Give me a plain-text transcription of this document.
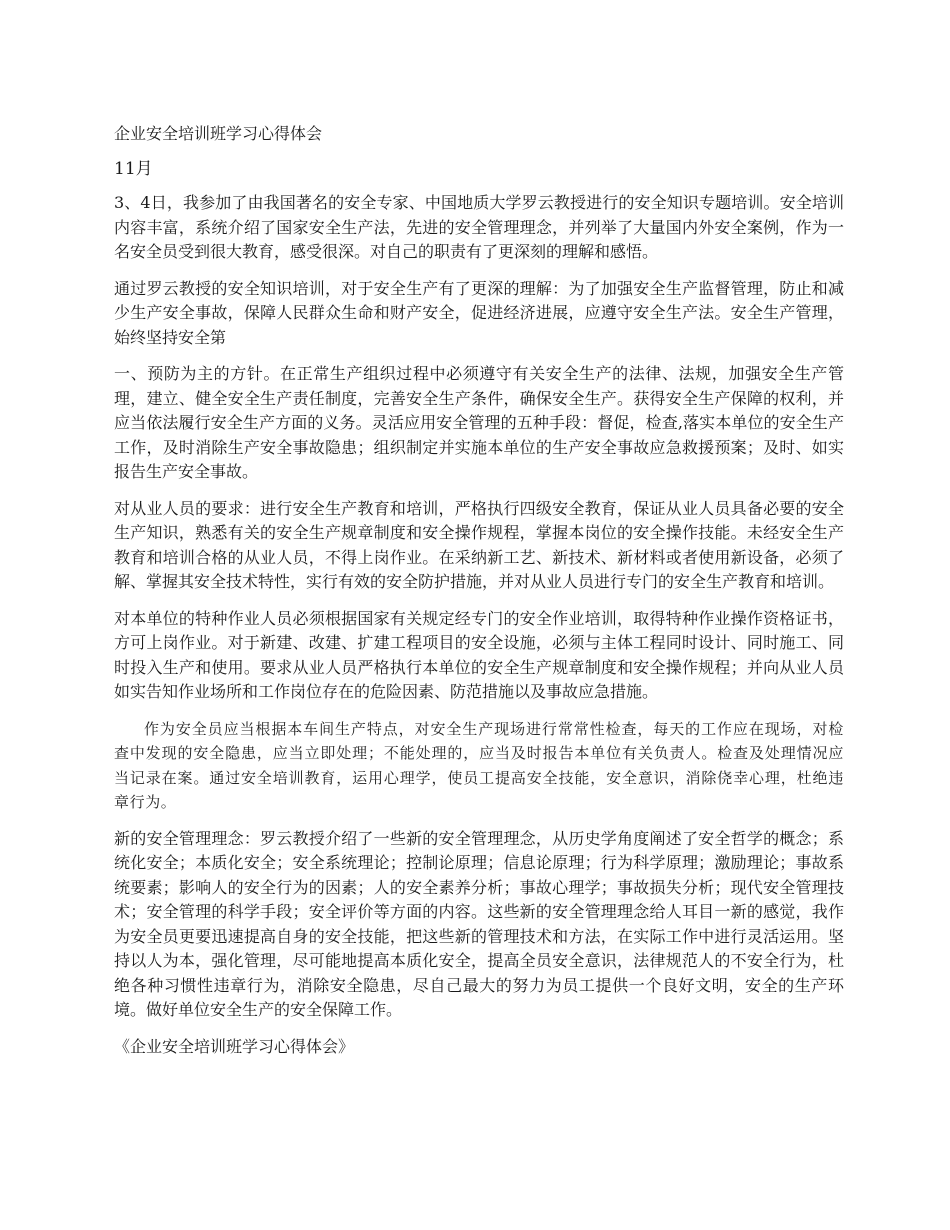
企业安全培训班学习心得体会

11月

3、4日，我参加了由我国著名的安全专家、中国地质大学罗云教授进行的安全知识专题培训。安全培训内容丰富，系统介绍了国家安全生产法，先进的安全管理理念，并列举了大量国内外安全案例，作为一名安全员受到很大教育，感受很深。对自己的职责有了更深刻的理解和感悟。

通过罗云教授的安全知识培训，对于安全生产有了更深的理解：为了加强安全生产监督管理，防止和减少生产安全事故，保障人民群众生命和财产安全，促进经济进展，应遵守安全生产法。安全生产管理，始终坚持安全第

一、预防为主的方针。在正常生产组织过程中必须遵守有关安全生产的法律、法规，加强安全生产管理，建立、健全安全生产责任制度，完善安全生产条件，确保安全生产。获得安全生产保障的权利，并应当依法履行安全生产方面的义务。灵活应用安全管理的五种手段：督促，检查,落实本单位的安全生产工作，及时消除生产安全事故隐患；组织制定并实施本单位的生产安全事故应急救援预案；及时、如实报告生产安全事故。

对从业人员的要求：进行安全生产教育和培训，严格执行四级安全教育，保证从业人员具备必要的安全生产知识，熟悉有关的安全生产规章制度和安全操作规程，掌握本岗位的安全操作技能。未经安全生产教育和培训合格的从业人员，不得上岗作业。在采纳新工艺、新技术、新材料或者使用新设备，必须了解、掌握其安全技术特性，实行有效的安全防护措施，并对从业人员进行专门的安全生产教育和培训。

对本单位的特种作业人员必须根据国家有关规定经专门的安全作业培训，取得特种作业操作资格证书，方可上岗作业。对于新建、改建、扩建工程项目的安全设施，必须与主体工程同时设计、同时施工、同时投入生产和使用。要求从业人员严格执行本单位的安全生产规章制度和安全操作规程；并向从业人员如实告知作业场所和工作岗位存在的危险因素、防范措施以及事故应急措施。

作为安全员应当根据本车间生产特点，对安全生产现场进行常常性检查，每天的工作应在现场，对检查中发现的安全隐患，应当立即处理；不能处理的，应当及时报告本单位有关负责人。检查及处理情况应当记录在案。通过安全培训教育，运用心理学，使员工提高安全技能，安全意识，消除侥幸心理，杜绝违章行为。

新的安全管理理念：罗云教授介绍了一些新的安全管理理念，从历史学角度阐述了安全哲学的概念；系统化安全；本质化安全；安全系统理论；控制论原理；信息论原理；行为科学原理；激励理论；事故系统要素；影响人的安全行为的因素；人的安全素养分析；事故心理学；事故损失分析；现代安全管理技术；安全管理的科学手段；安全评价等方面的内容。这些新的安全管理理念给人耳目一新的感觉，我作为安全员更要迅速提高自身的安全技能，把这些新的管理技术和方法，在实际工作中进行灵活运用。坚持以人为本，强化管理，尽可能地提高本质化安全，提高全员安全意识，法律规范人的不安全行为，杜绝各种习惯性违章行为，消除安全隐患，尽自己最大的努力为员工提供一个良好文明，安全的生产环境。做好单位安全生产的安全保障工作。

《企业安全培训班学习心得体会》
